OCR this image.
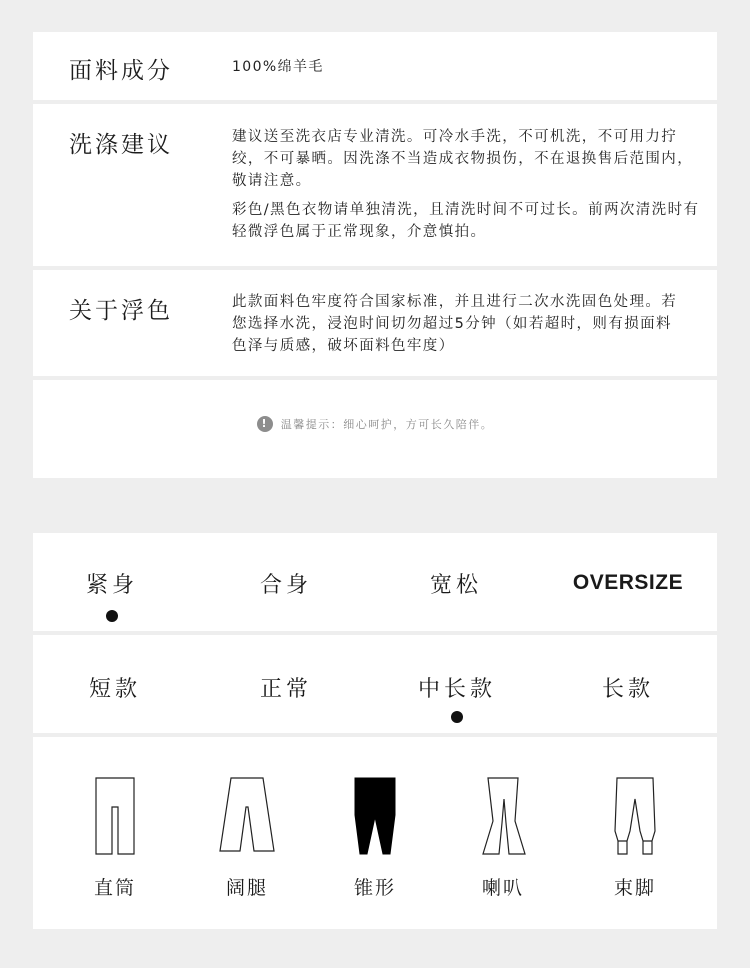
面料成分	100%绵羊毛
洗涤建议	建议送至洗衣店专业清洗。可冷水手洗，不可机洗，不可用力拧绞，不可暴晒。因洗涤不当造成衣物损伤，不在退换售后范围内，敬请注意。

彩色/黑色衣物请单独清洗，且清洗时间不可过长。前两次清洗时有轻微浮色属于正常现象，介意慎拍。

关于浮色	此款面料色牢度符合国家标准，并且进行二次水洗固色处理。若您选择水洗，浸泡时间切勿超过5分钟（如若超时，则有损面料色泽与质感，破坏面料色牢度）
! 温馨提示：细心呵护，方可长久陪伴。
紧身	合身	宽松	OVERSIZE
短款	正常	中长款	长款
直筒	阔腿	锥形	喇叭	束脚
